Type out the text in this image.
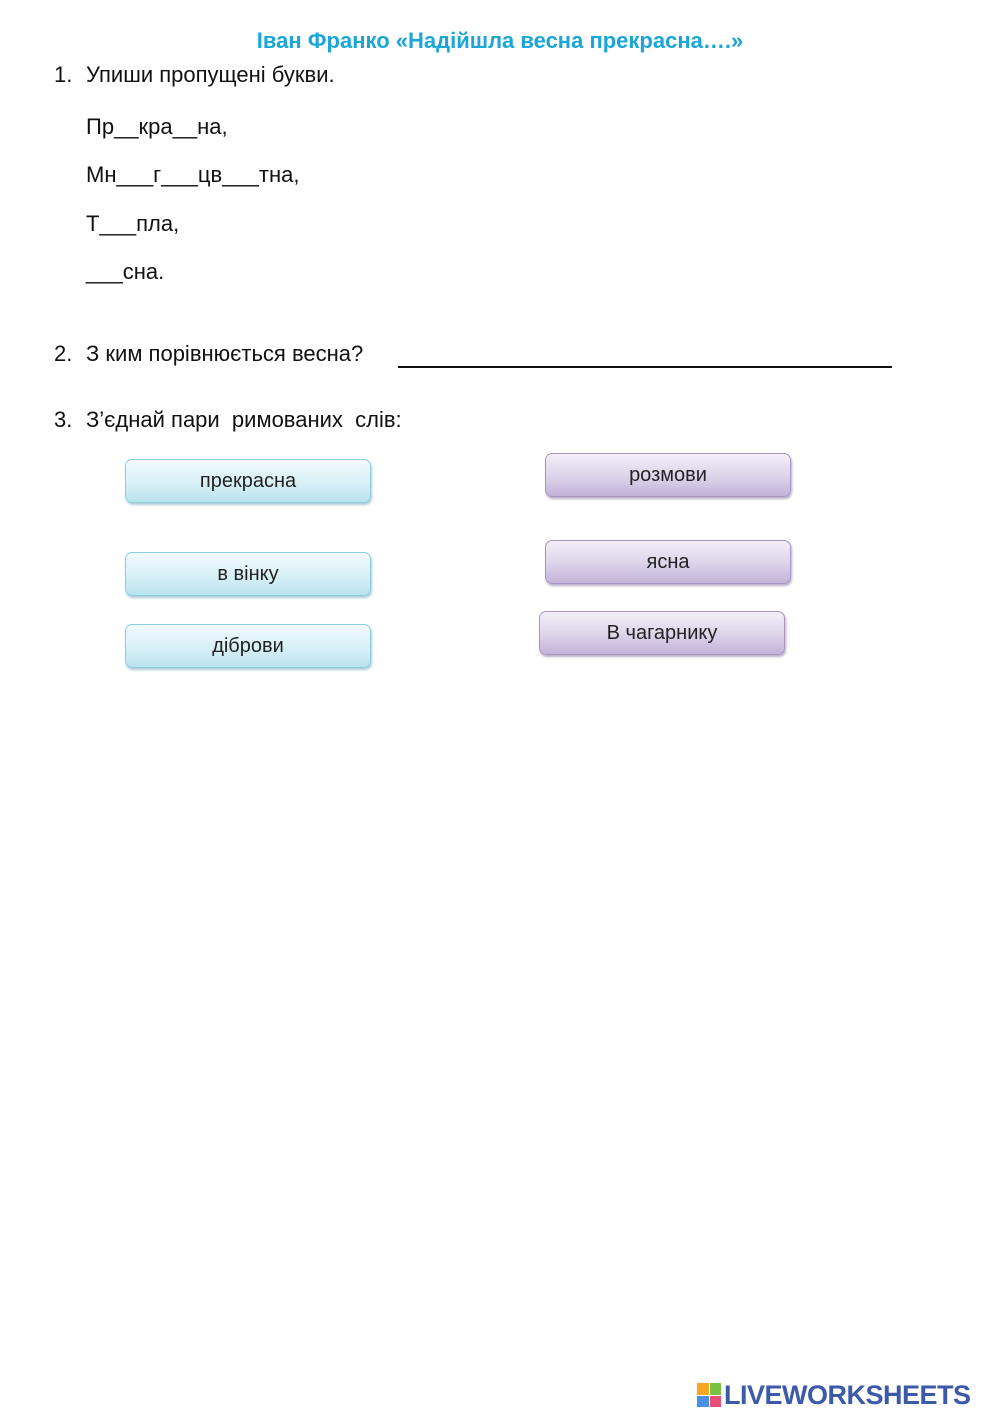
Іван Франко «Надійшла весна прекрасна….»
1. Упиши пропущені букви.
Пр__кра__на,
Мн___г___цв___тна,
Т___пла,
___сна.
2. З ким порівнюється весна?
3. З’єднай пари  римованих  слів:
прекрасна
в вінку
діброви
розмови
ясна
В чагарнику
LIVEWORKSHEETS
